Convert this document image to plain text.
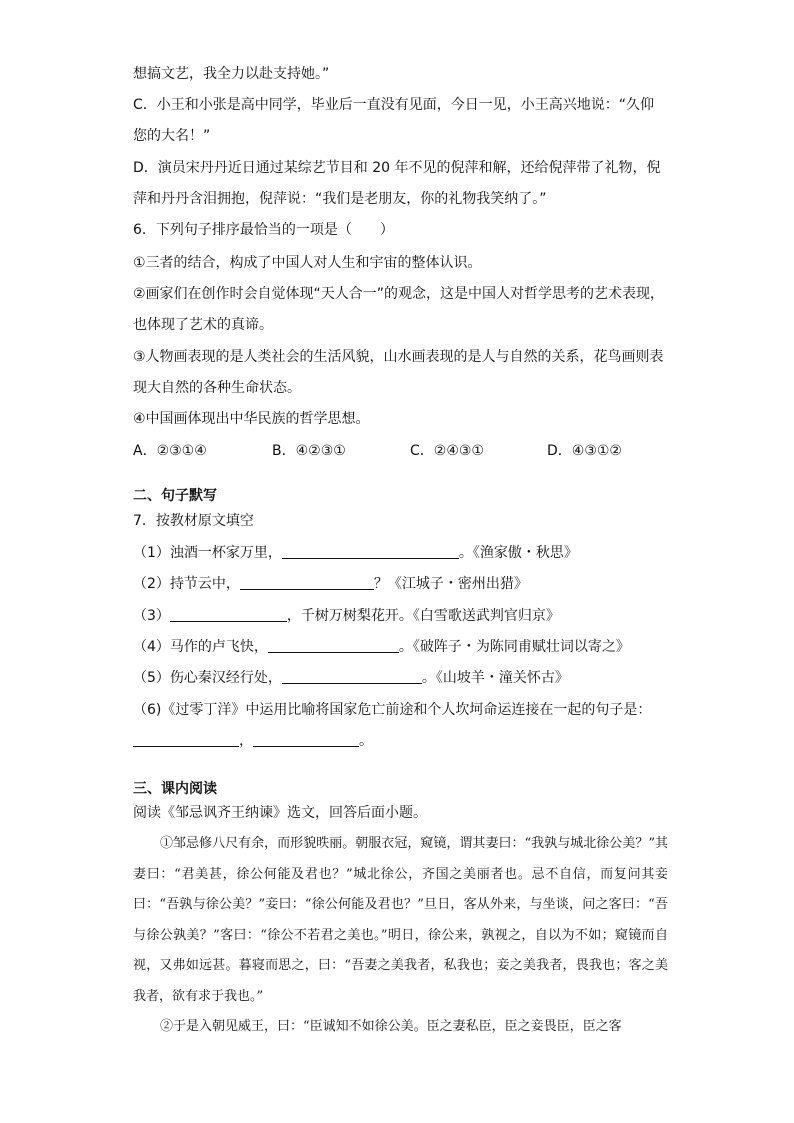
想搞文艺，我全力以赴支持她。”
C．小王和小张是高中同学，毕业后一直没有见面，今日一见，小王高兴地说：“久仰
您的大名！”
D．演员宋丹丹近日通过某综艺节目和 20 年不见的倪萍和解，还给倪萍带了礼物，倪
萍和丹丹含泪拥抱，倪萍说：“我们是老朋友，你的礼物我笑纳了。”
6．下列句子排序最恰当的一项是（　　）
①三者的结合，构成了中国人对人生和宇宙的整体认识。
②画家们在创作时会自觉体现“天人合一”的观念，这是中国人对哲学思考的艺术表现，
也体现了艺术的真谛。
③人物画表现的是人类社会的生活风貌，山水画表现的是人与自然的关系，花鸟画则表
现大自然的各种生命状态。
④中国画体现出中华民族的哲学思想。
A．②③①④	B．④②③①	C．②④③①	D．④③①②
二、句子默写
7．按教材原文填空
（1）浊酒一杯家万里，	。《渔家傲・秋思》
（2）持节云中，	？《江城子・密州出猎》
（3）	，千树万树梨花开。《白雪歌送武判官归京》
（4）马作的卢飞快，	。《破阵子・为陈同甫赋壮词以寄之》
（5）伤心秦汉经行处，	。《山坡羊・潼关怀古》
（6)《过零丁洋》中运用比喻将国家危亡前途和个人坎坷命运连接在一起的句子是：
，	。
三、课内阅读
阅读《邹忌讽齐王纳谏》选文，回答后面小题。

①邹忌修八尺有余，而形貌昳丽。朝服衣冠，窥镜，谓其妻曰：“我孰与城北徐公美？”其妻曰：“君美甚，徐公何能及君也？”城北徐公，齐国之美丽者也。忌不自信，而复问其妾曰：“吾孰与徐公美？”妾曰：“徐公何能及君也？”旦日，客从外来，与坐谈，问之客曰：“吾与徐公孰美？”客曰：“徐公不若君之美也。”明日，徐公来，孰视之，自以为不如；窥镜而自视，又弗如远甚。暮寝而思之，曰：“吾妻之美我者，私我也；妾之美我者，畏我也；客之美我者，欲有求于我也。”

②于是入朝见威王，曰：“臣诚知不如徐公美。臣之妻私臣，臣之妾畏臣，臣之客
